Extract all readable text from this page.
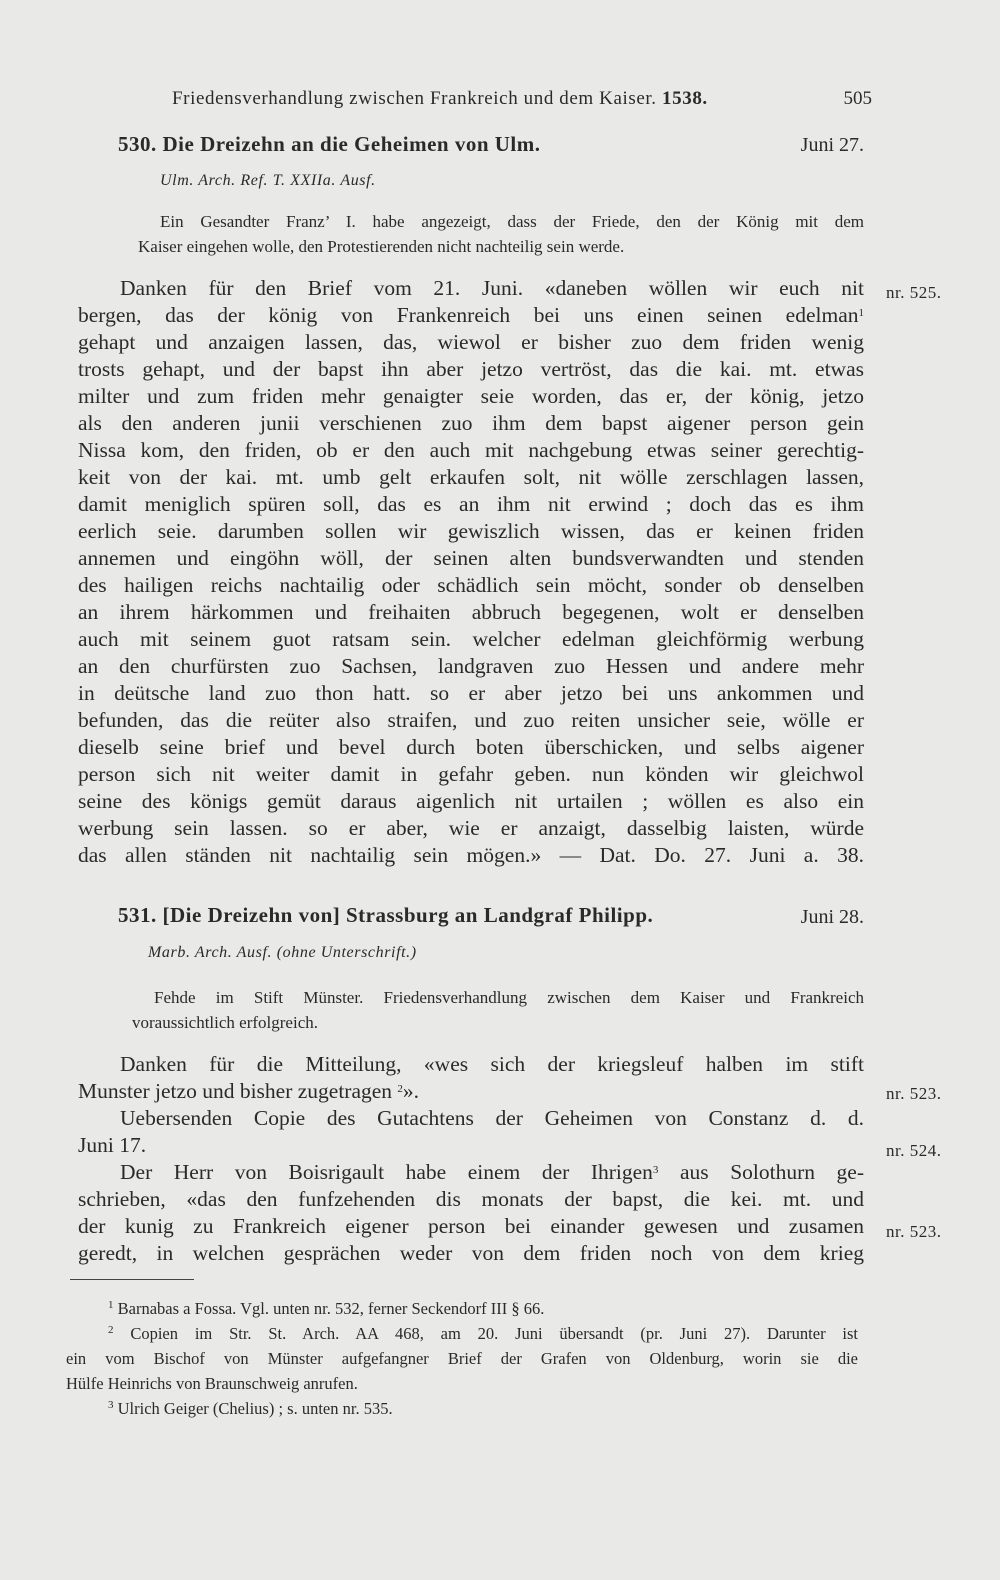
Friedensverhandlung zwischen Frankreich und dem Kaiser. 1538.	505
530. Die Dreizehn an die Geheimen von Ulm.	Juni 27.
Ulm. Arch. Ref. T. XXIIa. Ausf.
Ein Gesandter Franz’ I. habe angezeigt, dass der Friede, den der König mit dem
Kaiser eingehen wolle, den Protestierenden nicht nachteilig sein werde.
Danken für den Brief vom 21. Juni. «daneben wöllen wir euch nit
bergen, das der könig von Frankenreich bei uns einen seinen edelman$^1$
gehapt und anzaigen lassen, das, wiewol er bisher zuo dem friden wenig
trosts gehapt, und der bapst ihn aber jetzo vertröst, das die kai. mt. etwas
milter und zum friden mehr genaigter seie worden, das er, der könig, jetzo
als den anderen junii verschienen zuo ihm dem bapst aigener person gein
Nissa kom, den friden, ob er den auch mit nachgebung etwas seiner gerechtig-
keit von der kai. mt. umb gelt erkaufen solt, nit wölle zerschlagen lassen,
damit meniglich spüren soll, das es an ihm nit erwind ; doch das es ihm
eerlich seie. darumben sollen wir gewiszlich wissen, das er keinen friden
annemen und eingöhn wöll, der seinen alten bundsverwandten und stenden
des hailigen reichs nachtailig oder schädlich sein möcht, sonder ob denselben
an ihrem härkommen und freihaiten abbruch begegenen, wolt er denselben
auch mit seinem guot ratsam sein. welcher edelman gleichförmig werbung
an den churfürsten zuo Sachsen, landgraven zuo Hessen und andere mehr
in deütsche land zuo thon hatt. so er aber jetzo bei uns ankommen und
befunden, das die reüter also straifen, und zuo reiten unsicher seie, wölle er
dieselb seine brief und bevel durch boten überschicken, und selbs aigener
person sich nit weiter damit in gefahr geben. nun könden wir gleichwol
seine des königs gemüt daraus aigenlich nit urtailen ; wöllen es also ein
werbung sein lassen. so er aber, wie er anzaigt, dasselbig laisten, würde
das allen ständen nit nachtailig sein mögen.» — Dat. Do. 27. Juni a. 38.
nr. 525.
531. [Die Dreizehn von] Strassburg an Landgraf Philipp.	Juni 28.
Marb. Arch. Ausf. (ohne Unterschrift.)
Fehde im Stift Münster. Friedensverhandlung zwischen dem Kaiser und Frankreich
voraussichtlich erfolgreich.
Danken für die Mitteilung, «wes sich der kriegsleuf halben im stift
Munster jetzo und bisher zugetragen $^2$».
Uebersenden Copie des Gutachtens der Geheimen von Constanz d. d.
Juni 17.
Der Herr von Boisrigault habe einem der Ihrigen$^3$ aus Solothurn ge-
schrieben, «das den funfzehenden dis monats der bapst, die kei. mt. und
der kunig zu Frankreich eigener person bei einander gewesen und zusamen
geredt, in welchen gesprächen weder von dem friden noch von dem krieg
nr. 523.
nr. 524.
nr. 523.
$^1$ Barnabas a Fossa. Vgl. unten nr. 532, ferner Seckendorf III § 66.
$^2$ Copien im Str. St. Arch. AA 468, am 20. Juni übersandt (pr. Juni 27). Darunter ist
ein vom Bischof von Münster aufgefangner Brief der Grafen von Oldenburg, worin sie die
Hülfe Heinrichs von Braunschweig anrufen.
$^3$ Ulrich Geiger (Chelius) ; s. unten nr. 535.
